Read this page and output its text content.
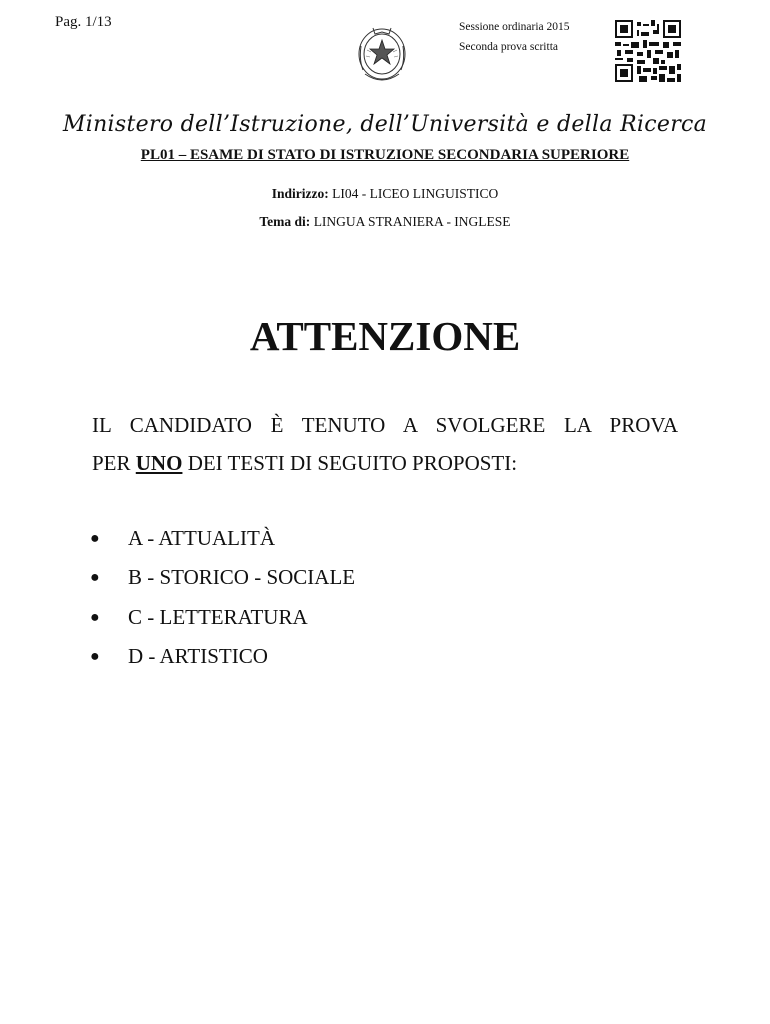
Pag. 1/13	Sessione ordinaria 2015
Seconda prova scritta
Ministero dell’Istruzione, dell’Università e della Ricerca
PL01 – ESAME DI STATO DI ISTRUZIONE SECONDARIA SUPERIORE
Indirizzo: LI04 - LICEO LINGUISTICO
Tema di: LINGUA STRANIERA - INGLESE
ATTENZIONE
IL CANDIDATO È TENUTO A SVOLGERE LA PROVA
PER UNO DEI TESTI DI SEGUITO PROPOSTI:
●	A - ATTUALITÀ
●	B - STORICO - SOCIALE
●	C - LETTERATURA
●	D - ARTISTICO
